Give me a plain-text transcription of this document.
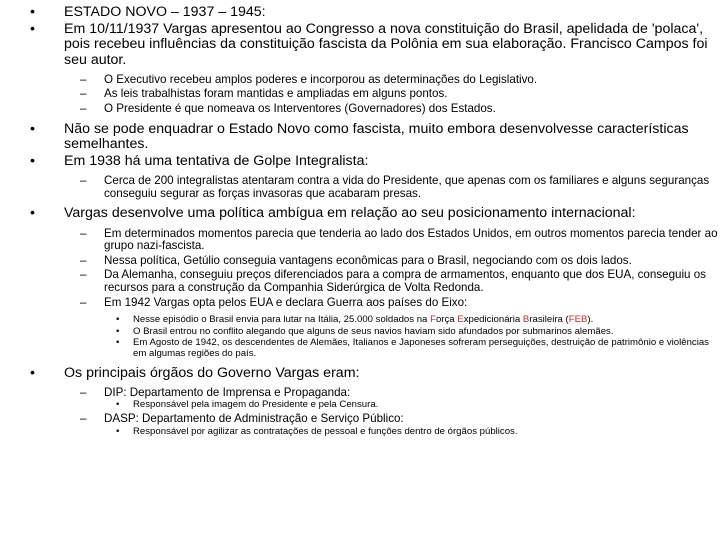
• ESTADO NOVO – 1937 – 1945:
• Em 10/11/1937 Vargas apresentou ao Congresso a nova constituição do Brasil, apelidada de 'polaca', pois recebeu influências da constituição fascista da Polônia em sua elaboração. Francisco Campos foi seu autor.
– O Executivo recebeu amplos poderes e incorporou as determinações do Legislativo.
– As leis trabalhistas foram mantidas e ampliadas em alguns pontos.
– O Presidente é que nomeava os Interventores (Governadores) dos Estados.
• Não se pode enquadrar o Estado Novo como fascista, muito embora desenvolvesse características semelhantes.
• Em 1938 há uma tentativa de Golpe Integralista:
– Cerca de 200 integralistas atentaram contra a vida do Presidente, que apenas com os familiares e alguns seguranças conseguiu segurar as forças invasoras que acabaram presas.
• Vargas desenvolve uma política ambígua em relação ao seu posicionamento internacional:
– Em determinados momentos parecia que tenderia ao lado dos Estados Unidos, em outros momentos parecia tender ao grupo nazi-fascista.
– Nessa política, Getúlio conseguia vantagens econômicas para o Brasil, negociando com os dois lados.
– Da Alemanha, conseguiu preços diferenciados para a compra de armamentos, enquanto que dos EUA, conseguiu os recursos para a construção da Companhia Siderúrgica de Volta Redonda.
– Em 1942 Vargas opta pelos EUA e declara Guerra aos países do Eixo:
• Nesse episódio o Brasil envia para lutar na Itália, 25.000 soldados na Força Expedicionária Brasileira (FEB).
• O Brasil entrou no conflito alegando que alguns de seus navios haviam sido afundados por submarinos alemães.
• Em Agosto de 1942, os descendentes de Alemães, Italianos e Japoneses sofreram perseguições, destruição de patrimônio e violências em algumas regiões do país.
• Os principais órgãos do Governo Vargas eram:
– DIP: Departamento de Imprensa e Propaganda:
• Responsável pela imagem do Presidente e pela Censura.
– DASP: Departamento de Administração e Serviço Público:
• Responsável por agilizar as contratações de pessoal e funções dentro de órgãos públicos.
